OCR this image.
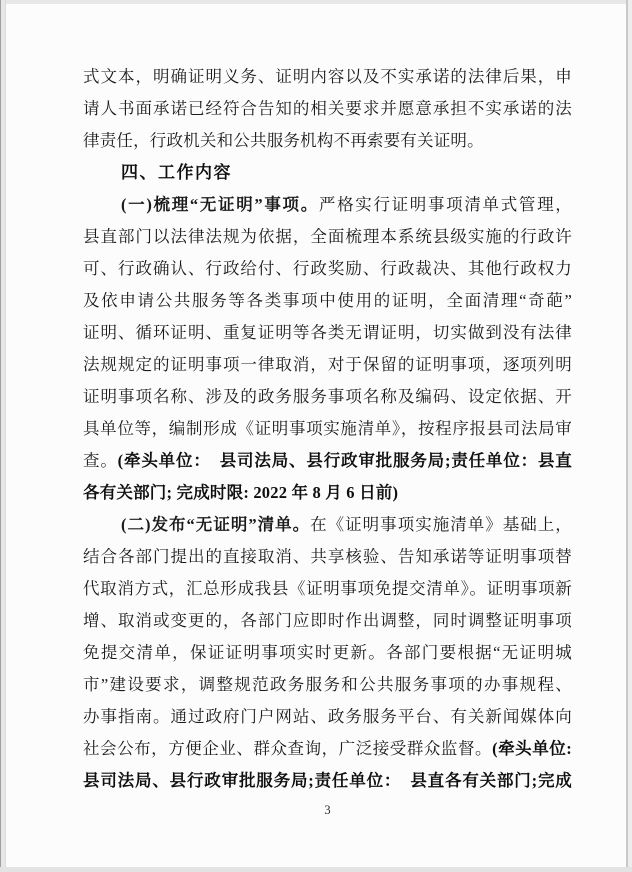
式文本，明确证明义务、证明内容以及不实承诺的法律后果，申
请人书面承诺已经符合告知的相关要求并愿意承担不实承诺的法
律责任，行政机关和公共服务机构不再索要有关证明。
四、工作内容
(一)梳理“无证明”事项。严格实行证明事项清单式管理，
县直部门以法律法规为依据，全面梳理本系统县级实施的行政许
可、行政确认、行政给付、行政奖励、行政裁决、其他行政权力
及依申请公共服务等各类事项中使用的证明，全面清理“奇葩”
证明、循环证明、重复证明等各类无谓证明，切实做到没有法律
法规规定的证明事项一律取消，对于保留的证明事项，逐项列明
证明事项名称、涉及的政务服务事项名称及编码、设定依据、开
具单位等，编制形成《证明事项实施清单》，按程序报县司法局审
查。(牵头单位：　县司法局、县行政审批服务局;责任单位：县直
各有关部门; 完成时限: 2022 年 8 月 6 日前)
(二)发布“无证明”清单。在《证明事项实施清单》基础上，
结合各部门提出的直接取消、共享核验、告知承诺等证明事项替
代取消方式，汇总形成我县《证明事项免提交清单》。证明事项新
增、取消或变更的，各部门应即时作出调整，同时调整证明事项
免提交清单，保证证明事项实时更新。各部门要根据“无证明城
市”建设要求，调整规范政务服务和公共服务事项的办事规程、
办事指南。通过政府门户网站、政务服务平台、有关新闻媒体向
社会公布，方便企业、群众查询，广泛接受群众监督。(牵头单位:
县司法局、县行政审批服务局;责任单位：　县直各有关部门;完成
3
